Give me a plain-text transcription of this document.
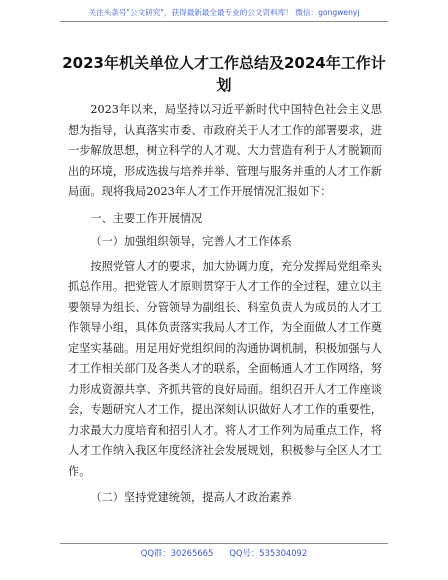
关注头条号"公文研究"，获得最新最全最专业的公文资料库！ 微信：gongwenyj
2023年机关单位人才工作总结及2024年工作计划

2023年以来，局坚持以习近平新时代中国特色社会主义思想为指导，认真落实市委、市政府关于人才工作的部署要求，进一步解放思想，树立科学的人才观、大力营造有利于人才脱颖而出的环境，形成选拔与培养并举、管理与服务并重的人才工作新局面。现将我局2023年人才工作开展情况汇报如下：

一、主要工作开展情况

（一）加强组织领导，完善人才工作体系

按照党管人才的要求，加大协调力度，充分发挥局党组牵头抓总作用。把党管人才原则贯穿于人才工作的全过程，建立以主要领导为组长、分管领导为副组长、科室负责人为成员的人才工作领导小组，具体负责落实我局人才工作，为全面做人才工作奠定坚实基础。用足用好党组织间的沟通协调机制，积极加强与人才工作相关部门及各类人才的联系，全面畅通人才工作网络，努力形成资源共享、齐抓共管的良好局面。组织召开人才工作座谈会，专题研究人才工作，提出深刻认识做好人才工作的重要性，力求最大力度培育和招引人才。将人才工作列为局重点工作，将人才工作纳入我区年度经济社会发展规划，积极参与全区人才工作。

（二）坚持党建统领，提高人才政治素养

QQ群：30265665 QQ号：535304092
